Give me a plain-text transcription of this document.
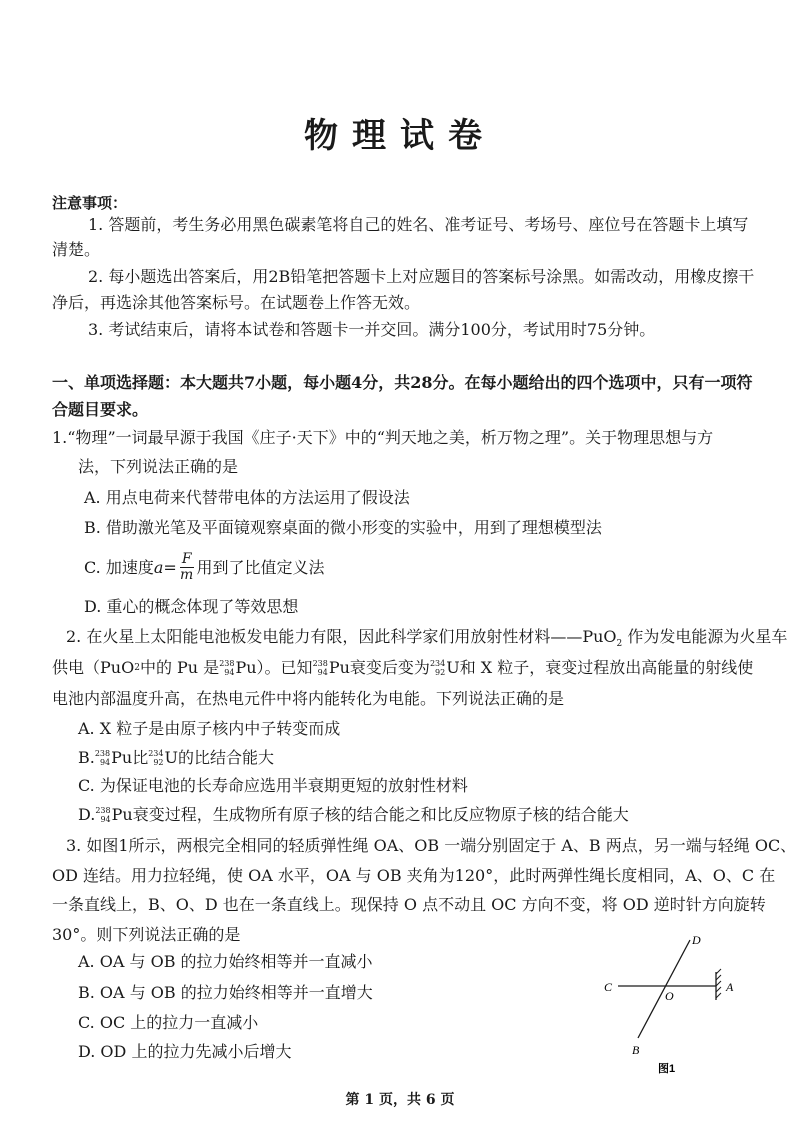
物理试卷
注意事项：
1. 答题前，考生务必用黑色碳素笔将自己的姓名、准考证号、考场号、座位号在答题卡上填写
清楚。
2. 每小题选出答案后，用2B铅笔把答题卡上对应题目的答案标号涂黑。如需改动，用橡皮擦干
净后，再选涂其他答案标号。在试题卷上作答无效。
3. 考试结束后，请将本试卷和答题卡一并交回。满分100分，考试用时75分钟。
一、单项选择题：本大题共7小题，每小题4分，共28分。在每小题给出的四个选项中，只有一项符
合题目要求。
1.“物理”一词最早源于我国《庄子·天下》中的“判天地之美，析万物之理”。关于物理思想与方
法，下列说法正确的是
A. 用点电荷来代替带电体的方法运用了假设法
B. 借助激光笔及平面镜观察桌面的微小形变的实验中，用到了理想模型法
C. 加速度 $a = \frac{F}{m}$ 用到了比值定义法
D. 重心的概念体现了等效思想
2. 在火星上太阳能电池板发电能力有限，因此科学家们用放射性材料——PuO$_2$ 作为发电能源为火星车
供电（PuO 2 中的 Pu 是 238
94 Pu ）。已知 238
94 Pu 衰变后变为 234
92 U 和 X 粒子，衰变过程放出高能量的射线使
电池内部温度升高，在热电元件中将内能转化为电能。下列说法正确的是
A. X 粒子是由原子核内中子转变而成
B. 238
94 Pu 比 234
92 U 的比结合能大
C. 为保证电池的长寿命应选用半衰期更短的放射性材料
D. 238
94 Pu 衰变过程，生成物所有原子核的结合能之和比反应物原子核的结合能大
3. 如图1所示，两根完全相同的轻质弹性绳 OA、OB 一端分别固定于 A、B 两点，另一端与轻绳 OC、
OD 连结。用力拉轻绳，使 OA 水平，OA 与 OB 夹角为120°，此时两弹性绳长度相同，A、O、C 在
一条直线上，B、O、D 也在一条直线上。现保持 O 点不动且 OC 方向不变，将 OD 逆时针方向旋转
30°。则下列说法正确的是
A. OA 与 OB 的拉力始终相等并一直减小
B. OA 与 OB 的拉力始终相等并一直增大
C. OC 上的拉力一直减小
D. OD 上的拉力先减小后增大
D
C
O
A
B
图1
第 1 页，共 6 页
